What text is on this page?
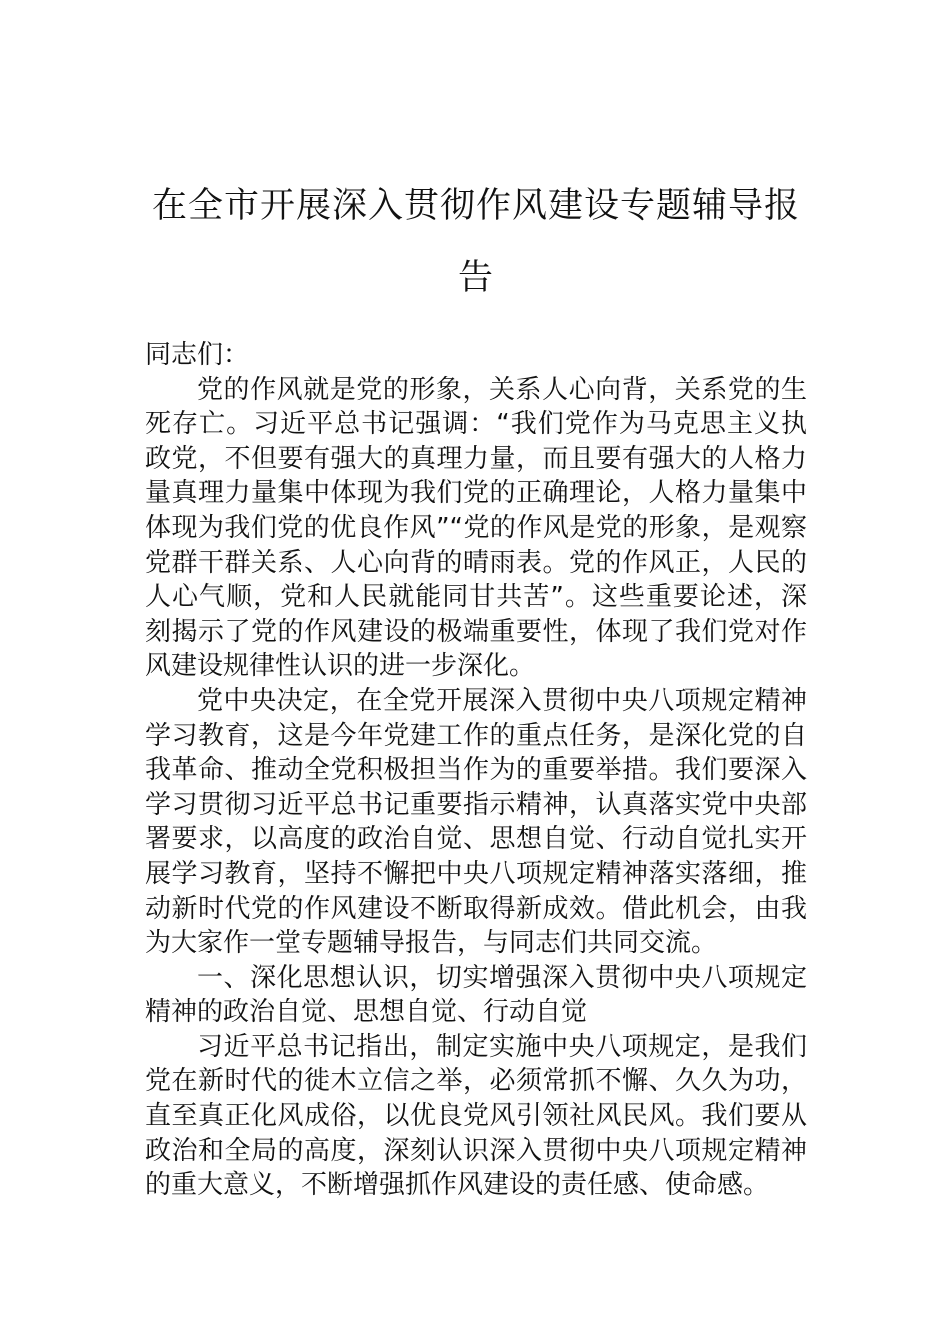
在全市开展深入贯彻作风建设专题辅导报告

同志们：

党的作风就是党的形象，关系人心向背，关系党的生死存亡。习近平总书记强调：“我们党作为马克思主义执政党，不但要有强大的真理力量，而且要有强大的人格力量真理力量集中体现为我们党的正确理论，人格力量集中体现为我们党的优良作风”“党的作风是党的形象，是观察党群干群关系、人心向背的晴雨表。党的作风正，人民的人心气顺，党和人民就能同甘共苦”。这些重要论述，深刻揭示了党的作风建设的极端重要性，体现了我们党对作风建设规律性认识的进一步深化。

党中央决定，在全党开展深入贯彻中央八项规定精神学习教育，这是今年党建工作的重点任务，是深化党的自我革命、推动全党积极担当作为的重要举措。我们要深入学习贯彻习近平总书记重要指示精神，认真落实党中央部署要求，以高度的政治自觉、思想自觉、行动自觉扎实开展学习教育，坚持不懈把中央八项规定精神落实落细，推动新时代党的作风建设不断取得新成效。借此机会，由我为大家作一堂专题辅导报告，与同志们共同交流。

一、深化思想认识，切实增强深入贯彻中央八项规定精神的政治自觉、思想自觉、行动自觉

习近平总书记指出，制定实施中央八项规定，是我们党在新时代的徙木立信之举，必须常抓不懈、久久为功，直至真正化风成俗，以优良党风引领社风民风。我们要从政治和全局的高度，深刻认识深入贯彻中央八项规定精神的重大意义，不断增强抓作风建设的责任感、使命感。
